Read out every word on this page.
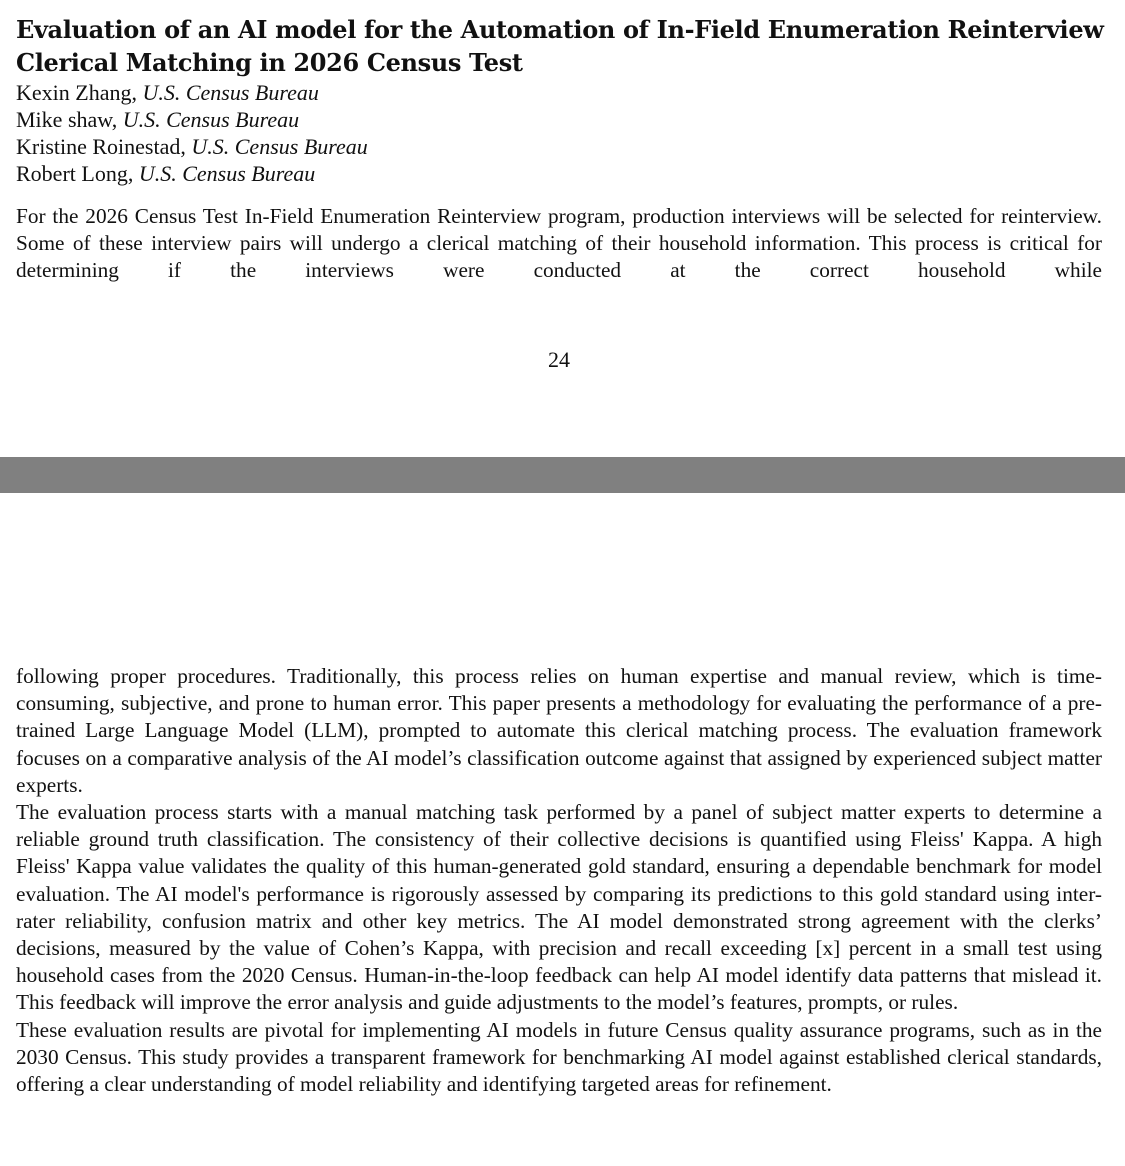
Evaluation of an AI model for the Automation of In-Field Enumeration Reinterview Clerical Matching in 2026 Census Test
Kexin Zhang, U.S. Census Bureau
Mike shaw, U.S. Census Bureau
Kristine Roinestad, U.S. Census Bureau
Robert Long, U.S. Census Bureau

For the 2026 Census Test In-Field Enumeration Reinterview program, production interviews will be selected for reinterview. Some of these interview pairs will undergo a clerical matching of their household information. This process is critical for determining if the interviews were conducted at the correct household while

24

following proper procedures. Traditionally, this process relies on human expertise and manual review, which is time-consuming, subjective, and prone to human error. This paper presents a methodology for evaluating the performance of a pre-trained Large Language Model (LLM), prompted to automate this clerical matching process. The evaluation framework focuses on a comparative analysis of the AI model’s classification outcome against that assigned by experienced subject matter experts.

The evaluation process starts with a manual matching task performed by a panel of subject matter experts to determine a reliable ground truth classification. The consistency of their collective decisions is quantified using Fleiss' Kappa. A high Fleiss' Kappa value validates the quality of this human-generated gold standard, ensuring a dependable benchmark for model evaluation. The AI model's performance is rigorously assessed by comparing its predictions to this gold standard using inter-rater reliability, confusion matrix and other key metrics. The AI model demonstrated strong agreement with the clerks’ decisions, measured by the value of Cohen’s Kappa, with precision and recall exceeding [x] percent in a small test using household cases from the 2020 Census. Human-in-the-loop feedback can help AI model identify data patterns that mislead it. This feedback will improve the error analysis and guide adjustments to the model’s features, prompts, or rules.

These evaluation results are pivotal for implementing AI models in future Census quality assurance programs, such as in the 2030 Census. This study provides a transparent framework for benchmarking AI model against established clerical standards, offering a clear understanding of model reliability and identifying targeted areas for refinement.
